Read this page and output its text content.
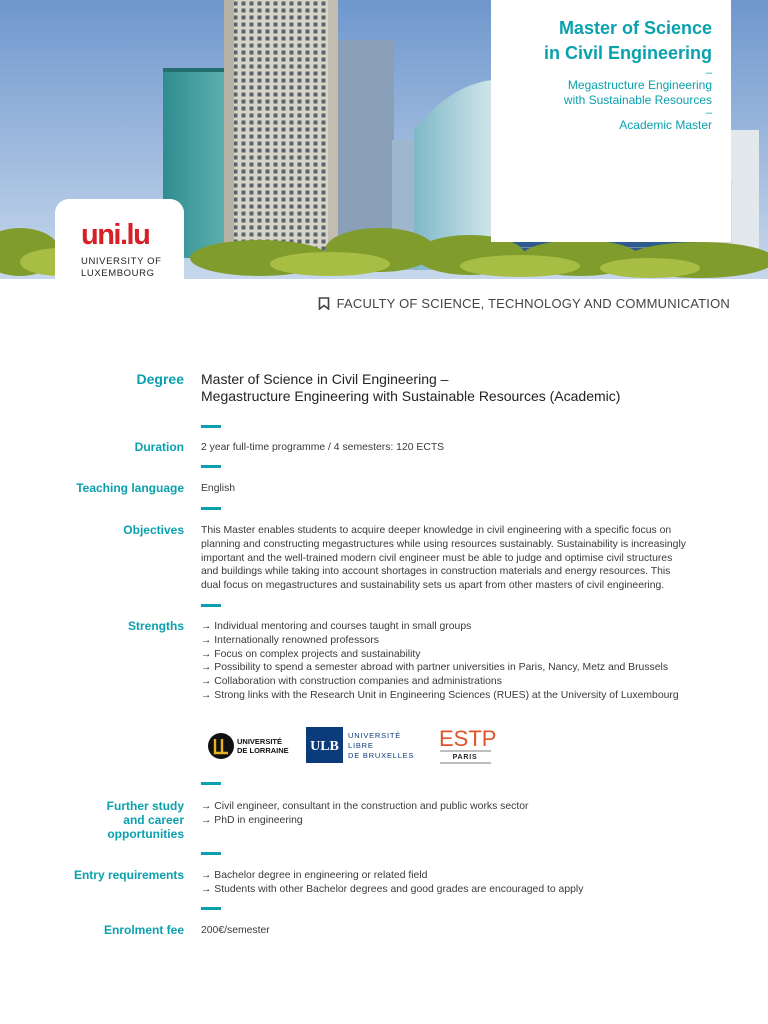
Master of Science
in Civil Engineering
–
Megastructure Engineering
with Sustainable Resources
–
Academic Master
uni.lu
UNIVERSITY OF
LUXEMBOURG
FACULTY OF SCIENCE, TECHNOLOGY AND COMMUNICATION
Degree Master of Science in Civil Engineering –
Megastructure Engineering with Sustainable Resources (Academic)
Duration 2 year full-time programme / 4 semesters: 120 ECTS
Teaching language English
Objectives This Master enables students to acquire deeper knowledge in civil engineering with a specific focus on
planning and constructing megastructures while using resources sustainably. Sustainability is increasingly
important and the well-trained modern civil engineer must be able to judge and optimise civil structures
and buildings while taking into account shortages in construction materials and energy resources. This
dual focus on megastructures and sustainability sets us apart from other masters of civil engineering.
Strengths → Individual mentoring and courses taught in small groups
→ Internationally renowned professors
→ Focus on complex projects and sustainability
→ Possibility to spend a semester abroad with partner universities in Paris, Nancy, Metz and Brussels
→ Collaboration with construction companies and administrations
→ Strong links with the Research Unit in Engineering Sciences (RUES) at the University of Luxembourg
UNIVERSITÉ
DE LORRAINE ULB
UNIVERSITÉ
LIBRE
DE BRUXELLES
ESTP
PARIS
Further study
and career
opportunities
→ Civil engineer, consultant in the construction and public works sector
→ PhD in engineering
Entry requirements → Bachelor degree in engineering or related field
→ Students with other Bachelor degrees and good grades are encouraged to apply
Enrolment fee 200€/semester
